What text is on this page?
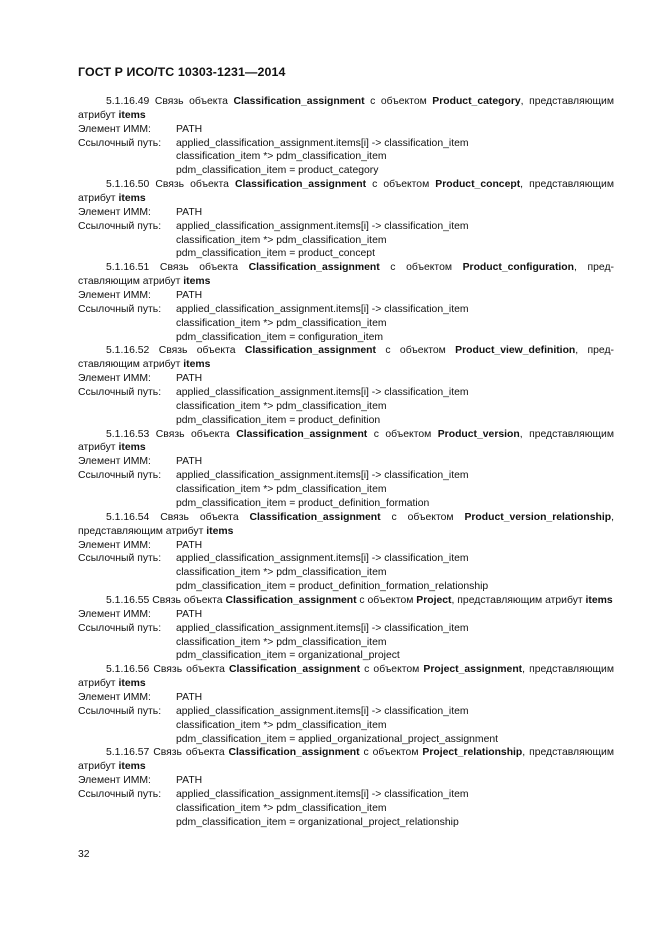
ГОСТ Р ИСО/ТС 10303-1231—2014
5.1.16.49 Связь объекта Classification_assignment с объектом Product_category, представляющим атрибут items
Элемент ИММ:	PATH
Ссылочный путь:	applied_classification_assignment.items[i] -> classification_item
classification_item *> pdm_classification_item
pdm_classification_item = product_category
5.1.16.50 Связь объекта Classification_assignment с объектом Product_concept, представляющим атрибут items
Элемент ИММ:	PATH
Ссылочный путь:	applied_classification_assignment.items[i] -> classification_item
classification_item *> pdm_classification_item
pdm_classification_item = product_concept
5.1.16.51 Связь объекта Classification_assignment с объектом Product_configuration, представляющим атрибут items
Элемент ИММ:	PATH
Ссылочный путь:	applied_classification_assignment.items[i] -> classification_item
classification_item *> pdm_classification_item
pdm_classification_item = configuration_item
5.1.16.52 Связь объекта Classification_assignment с объектом Product_view_definition, представляющим атрибут items
Элемент ИММ:	PATH
Ссылочный путь:	applied_classification_assignment.items[i] -> classification_item
classification_item *> pdm_classification_item
pdm_classification_item = product_definition
5.1.16.53 Связь объекта Classification_assignment с объектом Product_version, представляющим атрибут items
Элемент ИММ:	PATH
Ссылочный путь:	applied_classification_assignment.items[i] -> classification_item
classification_item *> pdm_classification_item
pdm_classification_item = product_definition_formation
5.1.16.54 Связь объекта Classification_assignment с объектом Product_version_relationship, представляющим атрибут items
Элемент ИММ:	PATH
Ссылочный путь:	applied_classification_assignment.items[i] -> classification_item
classification_item *> pdm_classification_item
pdm_classification_item = product_definition_formation_relationship
5.1.16.55 Связь объекта Classification_assignment с объектом Project, представляющим атрибут items
Элемент ИММ:	PATH
Ссылочный путь:	applied_classification_assignment.items[i] -> classification_item
classification_item *> pdm_classification_item
pdm_classification_item = organizational_project
5.1.16.56 Связь объекта Classification_assignment с объектом Project_assignment, представляющим атрибут items
Элемент ИММ:	PATH
Ссылочный путь:	applied_classification_assignment.items[i] -> classification_item
classification_item *> pdm_classification_item
pdm_classification_item = applied_organizational_project_assignment
5.1.16.57 Связь объекта Classification_assignment с объектом Project_relationship, представляющим атрибут items
Элемент ИММ:	PATH
Ссылочный путь:	applied_classification_assignment.items[i] -> classification_item
classification_item *> pdm_classification_item
pdm_classification_item = organizational_project_relationship
32
